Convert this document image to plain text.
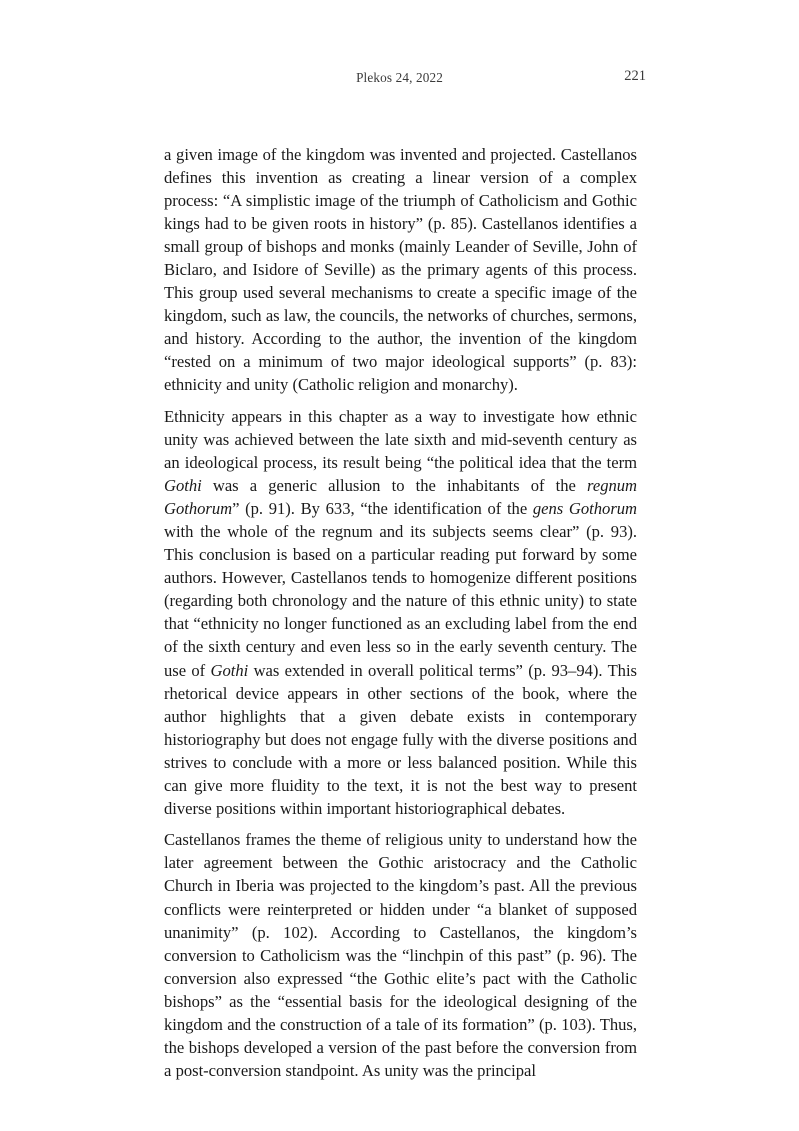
Plekos 24, 2022	221

a given image of the kingdom was invented and projected. Castellanos defines this invention as creating a linear version of a complex process: “A simplistic image of the triumph of Catholicism and Gothic kings had to be given roots in history” (p. 85). Castellanos identifies a small group of bishops and monks (mainly Leander of Seville, John of Biclaro, and Isidore of Seville) as the primary agents of this process. This group used several mechanisms to create a specific image of the kingdom, such as law, the councils, the networks of churches, sermons, and history. According to the author, the invention of the kingdom “rested on a minimum of two major ideological supports” (p. 83): ethnicity and unity (Catholic religion and monarchy).

Ethnicity appears in this chapter as a way to investigate how ethnic unity was achieved between the late sixth and mid-seventh century as an ideological process, its result being “the political idea that the term Gothi was a generic allusion to the inhabitants of the regnum Gothorum” (p. 91). By 633, “the identification of the gens Gothorum with the whole of the regnum and its subjects seems clear” (p. 93). This conclusion is based on a particular reading put forward by some authors. However, Castellanos tends to homogenize different positions (regarding both chronology and the nature of this ethnic unity) to state that “ethnicity no longer functioned as an excluding label from the end of the sixth century and even less so in the early seventh century. The use of Gothi was extended in overall political terms” (p. 93–94). This rhetorical device appears in other sections of the book, where the author highlights that a given debate exists in contemporary historiography but does not engage fully with the diverse positions and strives to conclude with a more or less balanced position. While this can give more fluidity to the text, it is not the best way to present diverse positions within important historiographical debates.

Castellanos frames the theme of religious unity to understand how the later agreement between the Gothic aristocracy and the Catholic Church in Iberia was projected to the kingdom’s past. All the previous conflicts were reinterpreted or hidden under “a blanket of supposed unanimity” (p. 102). According to Castellanos, the kingdom’s conversion to Catholicism was the “linchpin of this past” (p. 96). The conversion also expressed “the Gothic elite’s pact with the Catholic bishops” as the “essential basis for the ideological designing of the kingdom and the construction of a tale of its formation” (p. 103). Thus, the bishops developed a version of the past before the conversion from a post-conversion standpoint. As unity was the principal
